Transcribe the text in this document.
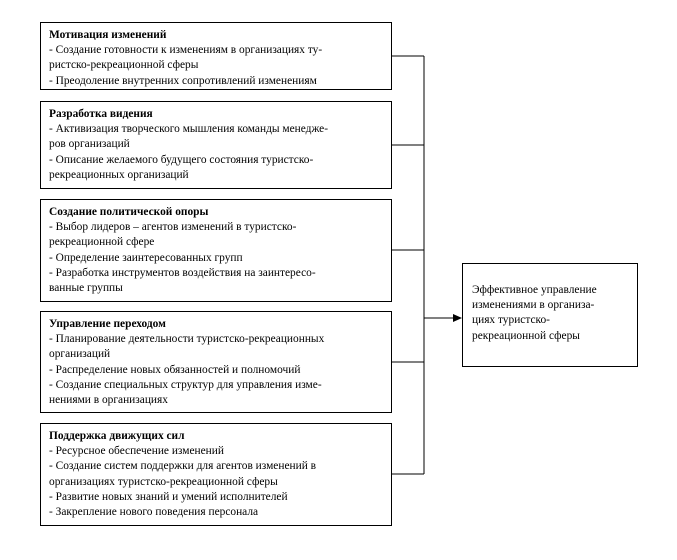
Мотивация изменений
- Создание готовности к изменениям в организациях ту-
ристско-рекреационной сферы
- Преодоление внутренних сопротивлений изменениям
Разработка видения
- Активизация творческого мышления команды менедже-
ров организаций
- Описание желаемого будущего состояния туристско-
рекреационных организаций
Создание политической опоры
- Выбор лидеров – агентов изменений в туристско-
рекреационной сфере
- Определение заинтересованных групп
- Разработка инструментов воздействия на заинтересо-
ванные группы
Управление переходом
- Планирование деятельности туристско-рекреационных
организаций
- Распределение новых обязанностей и полномочий
- Создание специальных структур для управления изме-
нениями в организациях
Поддержка движущих сил
- Ресурсное обеспечение изменений
- Создание систем поддержки для агентов изменений в
организациях туристско-рекреационной сферы
- Развитие новых знаний и умений исполнителей
- Закрепление нового поведения персонала
Эффективное управление
изменениями в организа-
циях туристско-
рекреационной сферы
